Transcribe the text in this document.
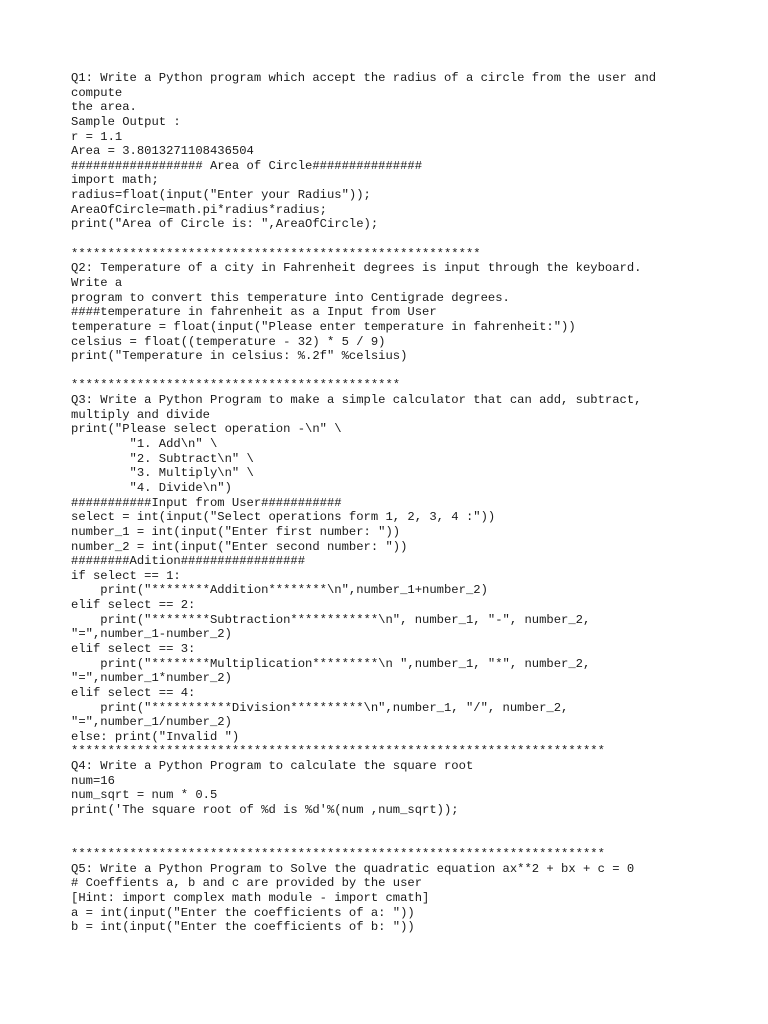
Q1: Write a Python program which accept the radius of a circle from the user and
compute
the area.
Sample Output :
r = 1.1
Area = 3.8013271108436504
################## Area of Circle###############
import math;
radius=float(input("Enter your Radius"));
AreaOfCircle=math.pi*radius*radius;
print("Area of Circle is: ",AreaOfCircle);
********************************************************
Q2: Temperature of a city in Fahrenheit degrees is input through the keyboard.
Write a
program to convert this temperature into Centigrade degrees.
####temperature in fahrenheit as a Input from User
temperature = float(input("Please enter temperature in fahrenheit:"))
celsius = float((temperature - 32) * 5 / 9)
print("Temperature in celsius: %.2f" %celsius)
*********************************************
Q3: Write a Python Program to make a simple calculator that can add, subtract,
multiply and divide
print("Please select operation -\n" \
"1. Add\n" \
"2. Subtract\n" \
"3. Multiply\n" \
"4. Divide\n")
###########Input from User###########
select = int(input("Select operations form 1, 2, 3, 4 :"))
number_1 = int(input("Enter first number: "))
number_2 = int(input("Enter second number: "))
########Adition#################
if select == 1:
print("********Addition********\n",number_1+number_2)
elif select == 2:
print("********Subtraction************\n", number_1, "-", number_2,
"=",number_1-number_2)
elif select == 3:
print("********Multiplication*********\n ",number_1, "*", number_2,
"=",number_1*number_2)
elif select == 4:
print("***********Division**********\n",number_1, "/", number_2,
"=",number_1/number_2)
else: print("Invalid ")
*************************************************************************
Q4: Write a Python Program to calculate the square root
num=16
num_sqrt = num * 0.5
print('The square root of %d is %d'%(num ,num_sqrt));
*************************************************************************
Q5: Write a Python Program to Solve the quadratic equation ax**2 + bx + c = 0
# Coeffients a, b and c are provided by the user
[Hint: import complex math module - import cmath]
a = int(input("Enter the coefficients of a: "))
b = int(input("Enter the coefficients of b: "))
